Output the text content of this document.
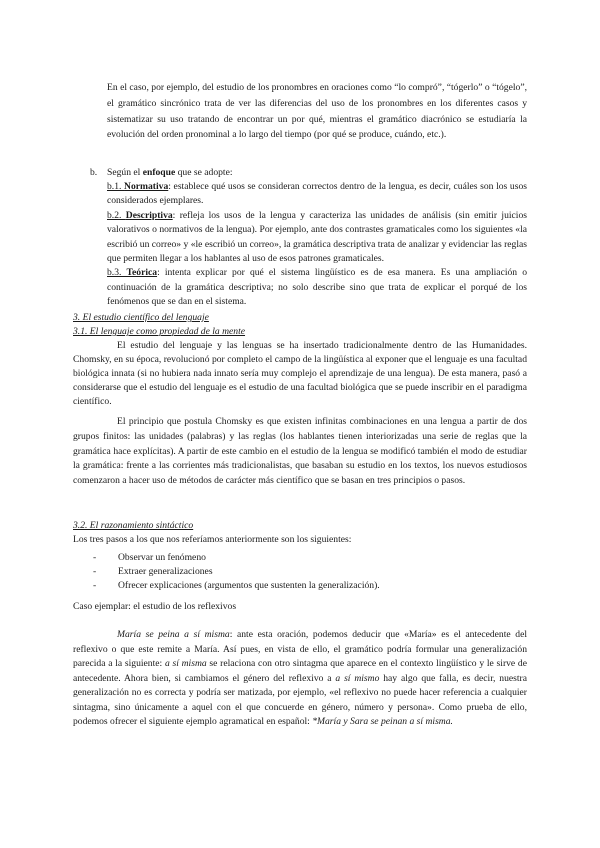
En el caso, por ejemplo, del estudio de los pronombres en oraciones como “lo compró”, “tógerlo” o “tógelo”, el gramático sincrónico trata de ver las diferencias del uso de los pronombres en los diferentes casos y sistematizar su uso tratando de encontrar un por qué, mientras el gramático diacrónico se estudiaría la evolución del orden pronominal a lo largo del tiempo (por qué se produce, cuándo, etc.).
b. Según el enfoque que se adopte:

b.1. Normativa: establece qué usos se consideran correctos dentro de la lengua, es decir, cuáles son los usos considerados ejemplares.

b.2. Descriptiva: refleja los usos de la lengua y caracteriza las unidades de análisis (sin emitir juicios valorativos o normativos de la lengua). Por ejemplo, ante dos contrastes gramaticales como los siguientes «la escribió un correo» y «le escribió un correo», la gramática descriptiva trata de analizar y evidenciar las reglas que permiten llegar a los hablantes al uso de esos patrones gramaticales.

b.3. Teórica: intenta explicar por qué el sistema lingüístico es de esa manera. Es una ampliación o continuación de la gramática descriptiva; no solo describe sino que trata de explicar el porqué de los fenómenos que se dan en el sistema.

3. El estudio científico del lenguaje

3.1. El lenguaje como propiedad de la mente

El estudio del lenguaje y las lenguas se ha insertado tradicionalmente dentro de las Humanidades. Chomsky, en su época, revolucionó por completo el campo de la lingüística al exponer que el lenguaje es una facultad biológica innata (si no hubiera nada innato sería muy complejo el aprendizaje de una lengua). De esta manera, pasó a considerarse que el estudio del lenguaje es el estudio de una facultad biológica que se puede inscribir en el paradigma científico.

El principio que postula Chomsky es que existen infinitas combinaciones en una lengua a partir de dos grupos finitos: las unidades (palabras) y las reglas (los hablantes tienen interiorizadas una serie de reglas que la gramática hace explícitas). A partir de este cambio en el estudio de la lengua se modificó también el modo de estudiar la gramática: frente a las corrientes más tradicionalistas, que basaban su estudio en los textos, los nuevos estudiosos comenzaron a hacer uso de métodos de carácter más científico que se basan en tres principios o pasos.

3.2. El razonamiento sintáctico

Los tres pasos a los que nos referíamos anteriormente son los siguientes:

- Observar un fenómeno
- Extraer generalizaciones
- Ofrecer explicaciones (argumentos que sustenten la generalización).
Caso ejemplar: el estudio de los reflexivos
María se peina a sí misma: ante esta oración, podemos deducir que «María» es el antecedente del reflexivo o que este remite a María. Así pues, en vista de ello, el gramático podría formular una generalización parecida a la siguiente: a sí misma se relaciona con otro sintagma que aparece en el contexto lingüístico y le sirve de antecedente. Ahora bien, si cambiamos el género del reflexivo a a sí mismo hay algo que falla, es decir, nuestra generalización no es correcta y podría ser matizada, por ejemplo, «el reflexivo no puede hacer referencia a cualquier sintagma, sino únicamente a aquel con el que concuerde en género, número y persona». Como prueba de ello, podemos ofrecer el siguiente ejemplo agramatical en español: *María y Sara se peinan a sí misma.
